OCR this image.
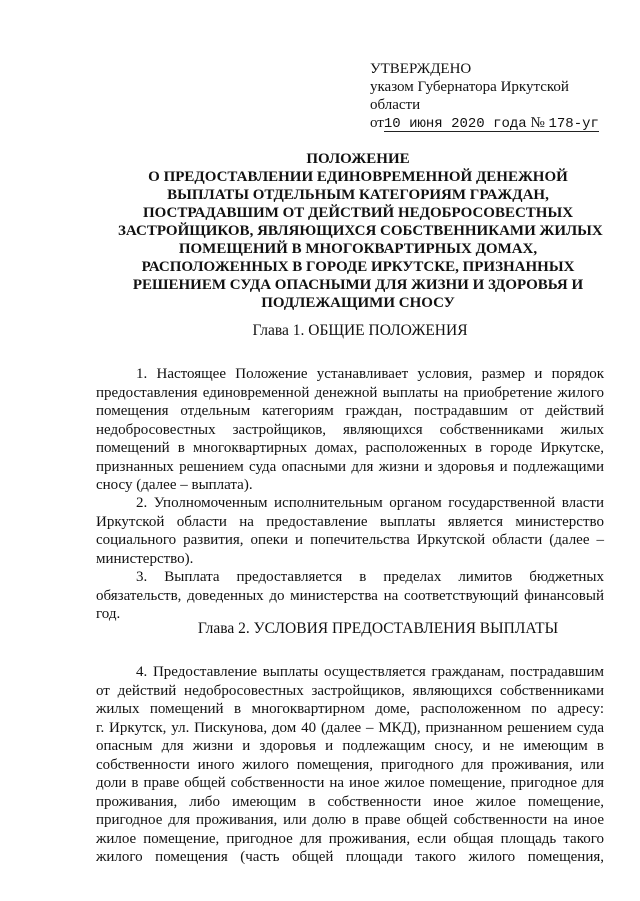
УТВЕРЖДЕНО
указом Губернатора Иркутской
области
от10 июня 2020 года № 178-уг
ПОЛОЖЕНИЕ
О ПРЕДОСТАВЛЕНИИ ЕДИНОВРЕМЕННОЙ ДЕНЕЖНОЙ
ВЫПЛАТЫ ОТДЕЛЬНЫМ КАТЕГОРИЯМ ГРАЖДАН,
ПОСТРАДАВШИМ ОТ ДЕЙСТВИЙ НЕДОБРОСОВЕСТНЫХ
ЗАСТРОЙЩИКОВ, ЯВЛЯЮЩИХСЯ СОБСТВЕННИКАМИ ЖИЛЫХ
ПОМЕЩЕНИЙ В МНОГОКВАРТИРНЫХ ДОМАХ,
РАСПОЛОЖЕННЫХ В ГОРОДЕ ИРКУТСКЕ, ПРИЗНАННЫХ
РЕШЕНИЕМ СУДА ОПАСНЫМИ ДЛЯ ЖИЗНИ И ЗДОРОВЬЯ И
ПОДЛЕЖАЩИМИ СНОСУ
Глава 1. ОБЩИЕ ПОЛОЖЕНИЯ
1. Настоящее Положение устанавливает условия, размер и порядок
предоставления единовременной денежной выплаты на приобретение жилого
помещения отдельным категориям граждан, пострадавшим от действий
недобросовестных застройщиков, являющихся собственниками жилых
помещений в многоквартирных домах, расположенных в городе Иркутске,
признанных решением суда опасными для жизни и здоровья и подлежащими
сносу (далее – выплата).
2. Уполномоченным исполнительным органом государственной власти
Иркутской области на предоставление выплаты является министерство
социального развития, опеки и попечительства Иркутской области (далее –
министерство).
3. Выплата предоставляется в пределах лимитов бюджетных
обязательств, доведенных до министерства на соответствующий финансовый
год.
Глава 2. УСЛОВИЯ ПРЕДОСТАВЛЕНИЯ ВЫПЛАТЫ
4. Предоставление выплаты осуществляется гражданам, пострадавшим
от действий недобросовестных застройщиков, являющихся собственниками
жилых помещений в многоквартирном доме, расположенном по адресу:
г. Иркутск, ул. Пискунова, дом 40 (далее – МКД), признанном решением суда
опасным для жизни и здоровья и подлежащим сносу, и не имеющим в
собственности иного жилого помещения, пригодного для проживания, или
доли в праве общей собственности на иное жилое помещение, пригодное для
проживания, либо имеющим в собственности иное жилое помещение,
пригодное для проживания, или долю в праве общей собственности на иное
жилое помещение, пригодное для проживания, если общая площадь такого
жилого помещения (часть общей площади такого жилого помещения,
